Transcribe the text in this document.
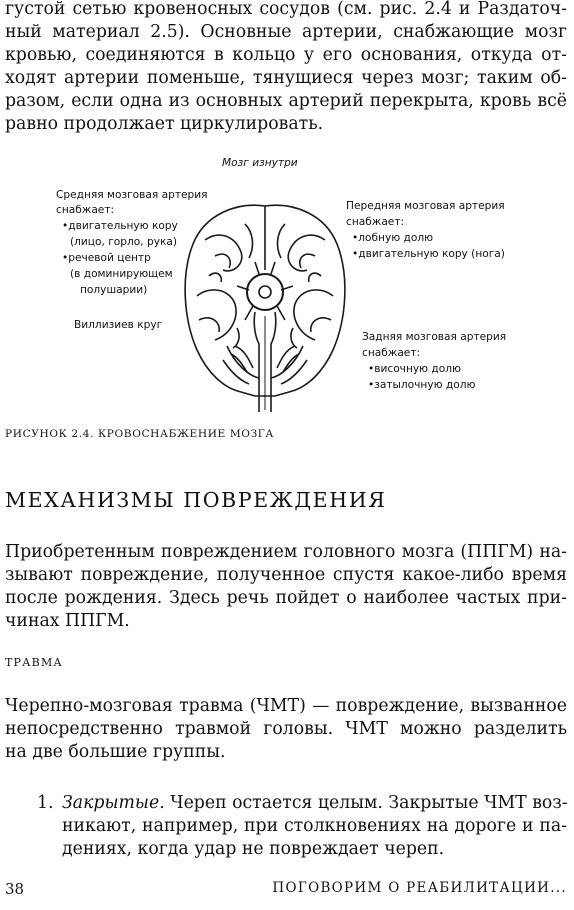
густой сетью кровеносных сосудов (см. рис. 2.4 и Раздаточ-
ный материал 2.5). Основные артерии, снабжающие мозг
кровью, соединяются в кольцо у его основания, откуда от-
ходят артерии поменьше, тянущиеся через мозг; таким об-
разом, если одна из основных артерий перекрыта, кровь всё
равно продолжает циркулировать.
Мозг изнутри
Средняя мозговая артерия
снабжает:
•двигательную кору
(лицо, горло, рука)
•речевой центр
(в доминирующем
полушарии)
Виллизиев круг
Передняя мозговая артерия
снабжает:
•лобную долю
•двигательную кору (нога)
Задняя мозговая артерия
снабжает:
•височную долю
•затылочную долю
РИСУНОК 2.4. КРОВОСНАБЖЕНИЕ МОЗГА
МЕХАНИЗМЫ ПОВРЕЖДЕНИЯ
Приобретенным повреждением головного мозга (ППГМ) на-
зывают повреждение, полученное спустя какое-либо время
после рождения. Здесь речь пойдет о наиболее частых при-
чинах ППГМ.
ТРАВМА
Черепно-мозговая травма (ЧМТ) — повреждение, вызванное
непосредственно травмой головы. ЧМТ можно разделить
на две большие группы.
1. Закрытые. Череп остается целым. Закрытые ЧМТ воз-
никают, например, при столкновениях на дороге и па-
дениях, когда удар не повреждает череп.
38	ПОГОВОРИМ О РЕАБИЛИТАЦИИ...
